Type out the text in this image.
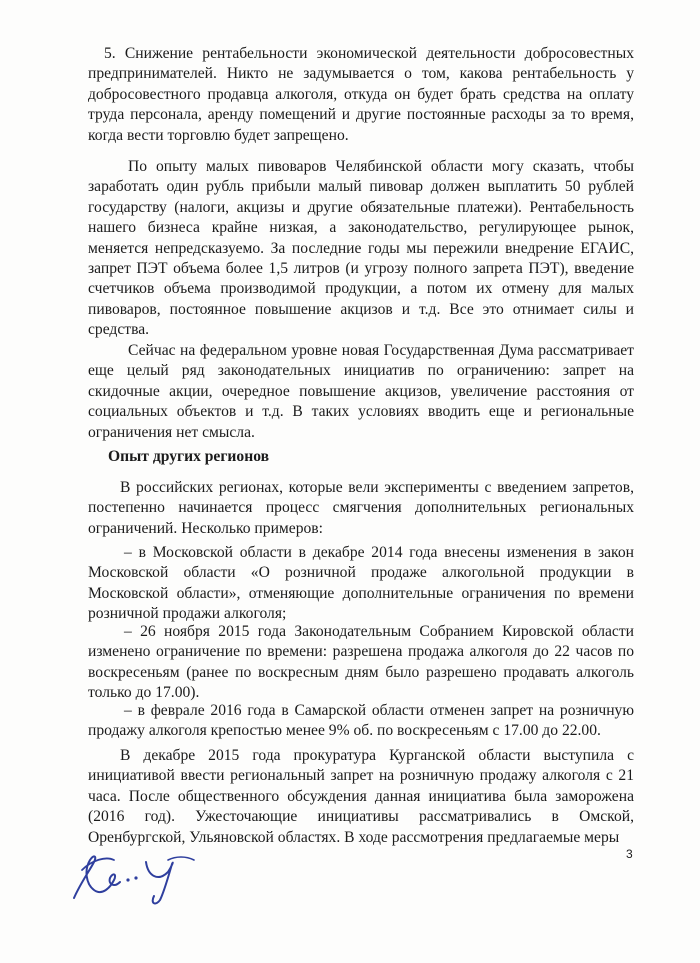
5. Снижение рентабельности экономической деятельности добросовестных предпринимателей. Никто не задумывается о том, какова рентабельность у добросовестного продавца алкоголя, откуда он будет брать средства на оплату труда персонала, аренду помещений и другие постоянные расходы за то время, когда вести торговлю будет запрещено.

По опыту малых пивоваров Челябинской области могу сказать, чтобы заработать один рубль прибыли малый пивовар должен выплатить 50 рублей государству (налоги, акцизы и другие обязательные платежи). Рентабельность нашего бизнеса крайне низкая, а законодательство, регулирующее рынок, меняется непредсказуемо. За последние годы мы пережили внедрение ЕГАИС, запрет ПЭТ объема более 1,5 литров (и угрозу полного запрета ПЭТ), введение счетчиков объема производимой продукции, а потом их отмену для малых пивоваров, постоянное повышение акцизов и т.д. Все это отнимает силы и средства.

Сейчас на федеральном уровне новая Государственная Дума рассматривает еще целый ряд законодательных инициатив по ограничению: запрет на скидочные акции, очередное повышение акцизов, увеличение расстояния от социальных объектов и т.д. В таких условиях вводить еще и региональные ограничения нет смысла.

Опыт других регионов

В российских регионах, которые вели эксперименты с введением запретов, постепенно начинается процесс смягчения дополнительных региональных ограничений. Несколько примеров:

– в Московской области в декабре 2014 года внесены изменения в закон Московской области «О розничной продаже алкогольной продукции в Московской области», отменяющие дополнительные ограничения по времени розничной продажи алкоголя;

– 26 ноября 2015 года Законодательным Собранием Кировской области изменено ограничение по времени: разрешена продажа алкоголя до 22 часов по воскресеньям (ранее по воскресным дням было разрешено продавать алкоголь только до 17.00).

– в феврале 2016 года в Самарской области отменен запрет на розничную продажу алкоголя крепостью менее 9% об. по воскресеньям с 17.00 до 22.00.

В декабре 2015 года прокуратура Курганской области выступила с инициативой ввести региональный запрет на розничную продажу алкоголя с 21 часа. После общественного обсуждения данная инициатива была заморожена (2016 год). Ужесточающие инициативы рассматривались в Омской, Оренбургской, Ульяновской областях. В ходе рассмотрения предлагаемые меры

3
